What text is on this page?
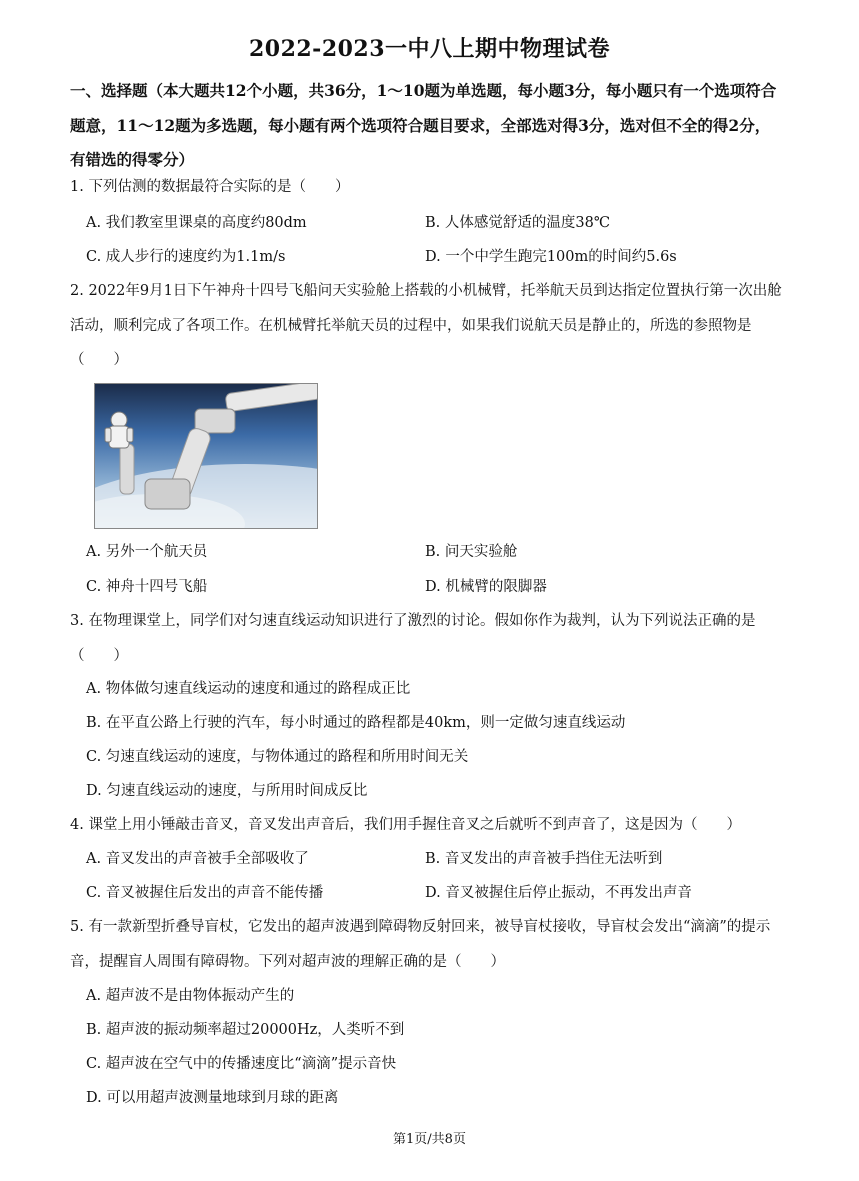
2022-2023一中八上期中物理试卷
一、选择题（本大题共12个小题，共36分，1～10题为单选题，每小题3分，每小题只有一个选项符合题意，11～12题为多选题，每小题有两个选项符合题目要求，全部选对得3分，选对但不全的得2分，有错选的得零分）
1. 下列估测的数据最符合实际的是（　　）
A. 我们教室里课桌的高度约80dm	B. 人体感觉舒适的温度38℃
C. 成人步行的速度约为1.1m/s	D. 一个中学生跑完100m的时间约5.6s
2. 2022年9月1日下午神舟十四号飞船问天实验舱上搭载的小机械臂，托举航天员到达指定位置执行第一次出舱活动，顺利完成了各项工作。在机械臂托举航天员的过程中，如果我们说航天员是静止的，所选的参照物是（　　）
A. 另外一个航天员	B. 问天实验舱
C. 神舟十四号飞船	D. 机械臂的限脚器
3. 在物理课堂上，同学们对匀速直线运动知识进行了激烈的讨论。假如你作为裁判，认为下列说法正确的是（　　）
A. 物体做匀速直线运动的速度和通过的路程成正比
B. 在平直公路上行驶的汽车，每小时通过的路程都是40km，则一定做匀速直线运动
C. 匀速直线运动的速度，与物体通过的路程和所用时间无关
D. 匀速直线运动的速度，与所用时间成反比
4. 课堂上用小锤敲击音叉，音叉发出声音后，我们用手握住音叉之后就听不到声音了，这是因为（　　）
A. 音叉发出的声音被手全部吸收了	B. 音叉发出的声音被手挡住无法听到
C. 音叉被握住后发出的声音不能传播	D. 音叉被握住后停止振动，不再发出声音
5. 有一款新型折叠导盲杖，它发出的超声波遇到障碍物反射回来，被导盲杖接收，导盲杖会发出“滴滴”的提示音，提醒盲人周围有障碍物。下列对超声波的理解正确的是（　　）
A. 超声波不是由物体振动产生的
B. 超声波的振动频率超过20000Hz，人类听不到
C. 超声波在空气中的传播速度比“滴滴”提示音快
D. 可以用超声波测量地球到月球的距离
第1页/共8页
